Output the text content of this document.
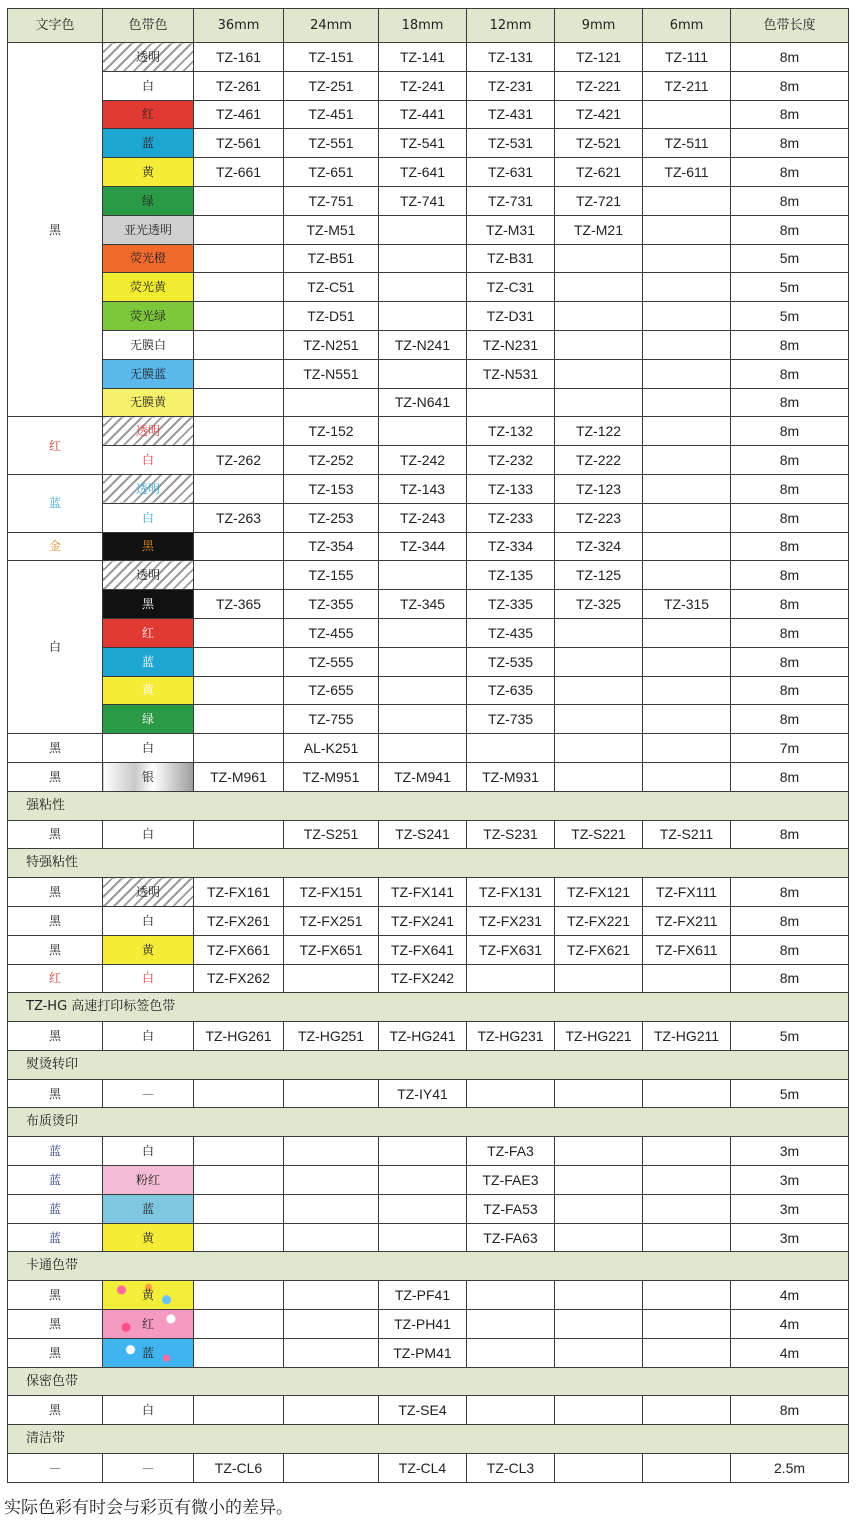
文字色	色带色	36mm	24mm	18mm	12mm	9mm	6mm	色带长度
黑	透明	TZ-161	TZ-151	TZ-141	TZ-131	TZ-121	TZ-111	8m
	白	TZ-261	TZ-251	TZ-241	TZ-231	TZ-221	TZ-211	8m
	红	TZ-461	TZ-451	TZ-441	TZ-431	TZ-421		8m
	蓝	TZ-561	TZ-551	TZ-541	TZ-531	TZ-521	TZ-511	8m
	黄	TZ-661	TZ-651	TZ-641	TZ-631	TZ-621	TZ-611	8m
	绿		TZ-751	TZ-741	TZ-731	TZ-721		8m
	亚光透明		TZ-M51		TZ-M31	TZ-M21		8m
	荧光橙		TZ-B51		TZ-B31			5m
	荧光黄		TZ-C51		TZ-C31			5m
	荧光绿		TZ-D51		TZ-D31			5m
	无膜白		TZ-N251	TZ-N241	TZ-N231			8m
	无膜蓝		TZ-N551		TZ-N531			8m
	无膜黄			TZ-N641				8m
红	透明		TZ-152		TZ-132	TZ-122		8m
	白	TZ-262	TZ-252	TZ-242	TZ-232	TZ-222		8m
蓝	透明		TZ-153	TZ-143	TZ-133	TZ-123		8m
	白	TZ-263	TZ-253	TZ-243	TZ-233	TZ-223		8m
金	黑		TZ-354	TZ-344	TZ-334	TZ-324		8m
白	透明		TZ-155		TZ-135	TZ-125		8m
	黑	TZ-365	TZ-355	TZ-345	TZ-335	TZ-325	TZ-315	8m
	红		TZ-455		TZ-435			8m
	蓝		TZ-555		TZ-535			8m
	黄		TZ-655		TZ-635			8m
	绿		TZ-755		TZ-735			8m
黑	白		AL-K251					7m
黑	银	TZ-M961	TZ-M951	TZ-M941	TZ-M931			8m
强粘性								
黑	白		TZ-S251	TZ-S241	TZ-S231	TZ-S221	TZ-S211	8m
特强粘性								
黑	透明	TZ-FX161	TZ-FX151	TZ-FX141	TZ-FX131	TZ-FX121	TZ-FX111	8m
黑	白	TZ-FX261	TZ-FX251	TZ-FX241	TZ-FX231	TZ-FX221	TZ-FX211	8m
黑	黄	TZ-FX661	TZ-FX651	TZ-FX641	TZ-FX631	TZ-FX621	TZ-FX611	8m
红	白	TZ-FX262		TZ-FX242				8m
TZ-HG 高速打印标签色带								
黑	白	TZ-HG261	TZ-HG251	TZ-HG241	TZ-HG231	TZ-HG221	TZ-HG211	5m
熨烫转印								
黑	—			TZ-IY41				5m
布质烫印								
蓝	白				TZ-FA3			3m
蓝	粉红				TZ-FAE3			3m
蓝	蓝				TZ-FA53			3m
蓝	黄				TZ-FA63			3m
卡通色带								
黑	黄			TZ-PF41				4m
黑	红			TZ-PH41				4m
黑	蓝			TZ-PM41				4m
保密色带								
黑	白			TZ-SE4				8m
清洁带								
—	—	TZ-CL6		TZ-CL4	TZ-CL3			2.5m
实际色彩有时会与彩页有微小的差异。
